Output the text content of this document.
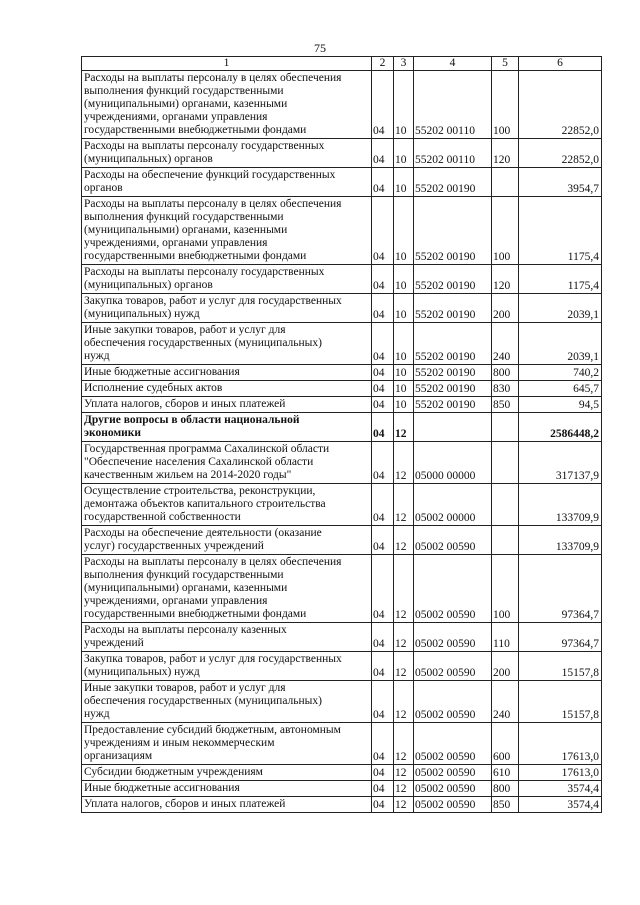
75
1	2	3	4	5	6

Расходы на выплаты персоналу в целях обеспечения
выполнения функций государственными
(муниципальными) органами, казенными
учреждениями, органами управления
государственными внебюджетными фондами	04	10	55202 00110	100	22852,0

Расходы на выплаты персоналу государственных
(муниципальных) органов	04	10	55202 00110	120	22852,0

Расходы на обеспечение функций государственных
органов	04	10	55202 00190		3954,7

Расходы на выплаты персоналу в целях обеспечения
выполнения функций государственными
(муниципальными) органами, казенными
учреждениями, органами управления
государственными внебюджетными фондами	04	10	55202 00190	100	1175,4

Расходы на выплаты персоналу государственных
(муниципальных) органов	04	10	55202 00190	120	1175,4

Закупка товаров, работ и услуг для государственных
(муниципальных) нужд	04	10	55202 00190	200	2039,1

Иные закупки товаров, работ и услуг для
обеспечения государственных (муниципальных)
нужд	04	10	55202 00190	240	2039,1

Иные бюджетные ассигнования	04	10	55202 00190	800	740,2

Исполнение судебных актов	04	10	55202 00190	830	645,7

Уплата налогов, сборов и иных платежей	04	10	55202 00190	850	94,5

Другие вопросы в области национальной
экономики	04	12			2586448,2

Государственная программа Сахалинской области
"Обеспечение населения Сахалинской области
качественным жильем на 2014-2020 годы"	04	12	05000 00000		317137,9

Осуществление строительства, реконструкции,
демонтажа объектов капитального строительства
государственной собственности	04	12	05002 00000		133709,9

Расходы на обеспечение деятельности (оказание
услуг) государственных учреждений	04	12	05002 00590		133709,9

Расходы на выплаты персоналу в целях обеспечения
выполнения функций государственными
(муниципальными) органами, казенными
учреждениями, органами управления
государственными внебюджетными фондами	04	12	05002 00590	100	97364,7

Расходы на выплаты персоналу казенных
учреждений	04	12	05002 00590	110	97364,7

Закупка товаров, работ и услуг для государственных
(муниципальных) нужд	04	12	05002 00590	200	15157,8

Иные закупки товаров, работ и услуг для
обеспечения государственных (муниципальных)
нужд	04	12	05002 00590	240	15157,8

Предоставление субсидий бюджетным, автономным
учреждениям и иным некоммерческим
организациям	04	12	05002 00590	600	17613,0

Субсидии бюджетным учреждениям	04	12	05002 00590	610	17613,0

Иные бюджетные ассигнования	04	12	05002 00590	800	3574,4

Уплата налогов, сборов и иных платежей	04	12	05002 00590	850	3574,4
